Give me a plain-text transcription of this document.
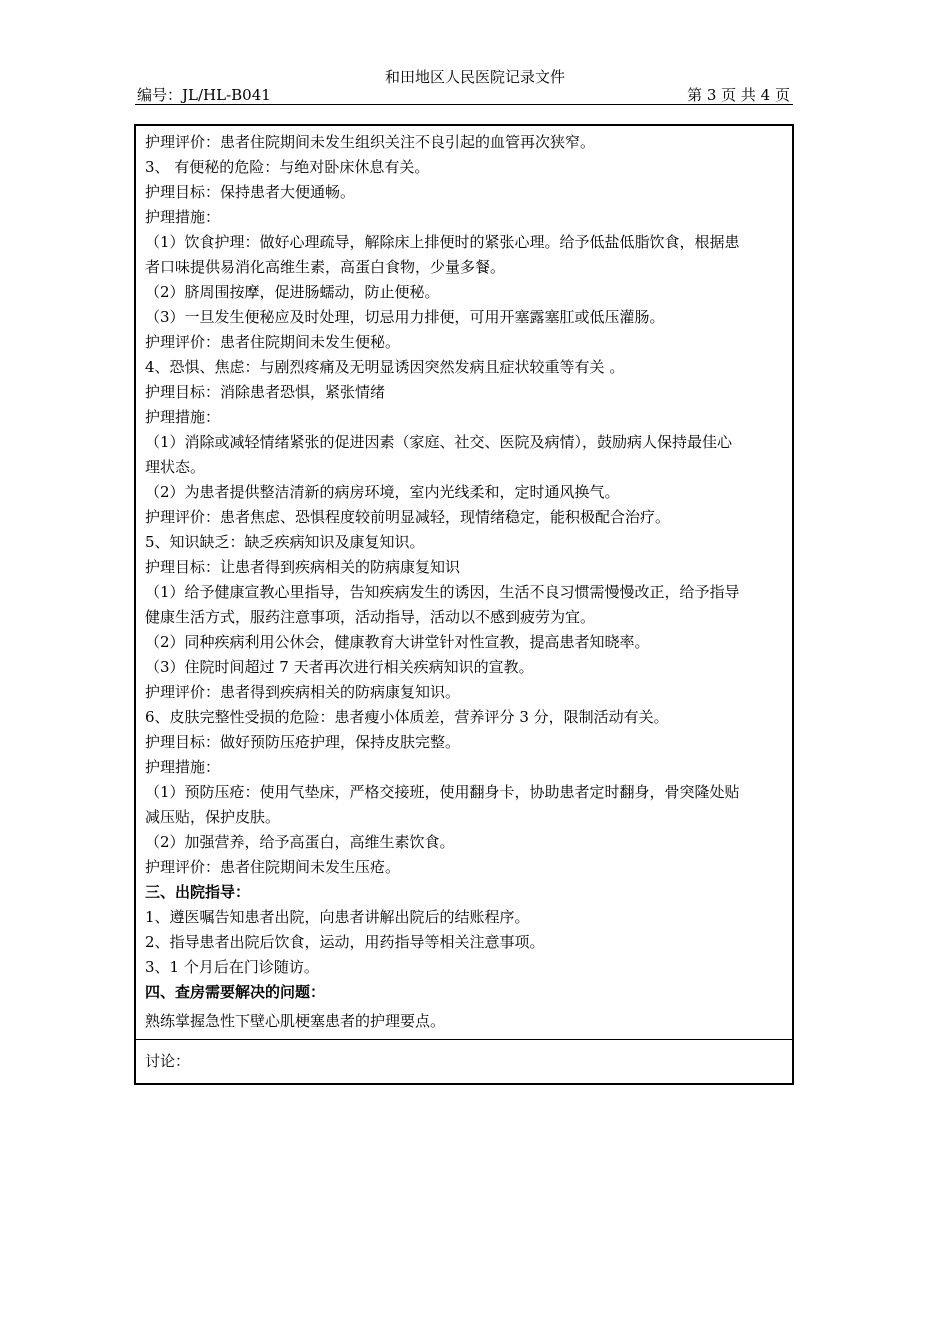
和田地区人民医院记录文件
编号：JL/HL-B041	第 3 页 共 4 页
护理评价：患者住院期间未发生组织关注不良引起的血管再次狭窄。
3、 有便秘的危险：与绝对卧床休息有关。
护理目标：保持患者大便通畅。
护理措施：
（1）饮食护理：做好心理疏导，解除床上排便时的紧张心理。给予低盐低脂饮食，根据患
者口味提供易消化高维生素，高蛋白食物，少量多餐。
（2）脐周围按摩，促进肠蠕动，防止便秘。
（3）一旦发生便秘应及时处理，切忌用力排便，可用开塞露塞肛或低压灌肠。
护理评价：患者住院期间未发生便秘。
4、恐惧、焦虑：与剧烈疼痛及无明显诱因突然发病且症状较重等有关 。
护理目标：消除患者恐惧，紧张情绪
护理措施：
（1）消除或减轻情绪紧张的促进因素（家庭、社交、医院及病情），鼓励病人保持最佳心
理状态。
（2）为患者提供整洁清新的病房环境，室内光线柔和，定时通风换气。
护理评价：患者焦虑、恐惧程度较前明显减轻，现情绪稳定，能积极配合治疗。
5、知识缺乏：缺乏疾病知识及康复知识。
护理目标：让患者得到疾病相关的防病康复知识
（1）给予健康宣教心里指导，告知疾病发生的诱因，生活不良习惯需慢慢改正，给予指导
健康生活方式，服药注意事项，活动指导，活动以不感到疲劳为宜。
（2）同种疾病利用公休会，健康教育大讲堂针对性宣教，提高患者知晓率。
（3）住院时间超过 7 天者再次进行相关疾病知识的宣教。
护理评价：患者得到疾病相关的防病康复知识。
6、皮肤完整性受损的危险：患者瘦小体质差，营养评分 3 分，限制活动有关。
护理目标：做好预防压疮护理，保持皮肤完整。
护理措施：
（1）预防压疮：使用气垫床，严格交接班，使用翻身卡，协助患者定时翻身，骨突隆处贴
减压贴，保护皮肤。
（2）加强营养，给予高蛋白，高维生素饮食。
护理评价：患者住院期间未发生压疮。
三、出院指导：
1、遵医嘱告知患者出院，向患者讲解出院后的结账程序。
2、指导患者出院后饮食，运动，用药指导等相关注意事项。
3、1 个月后在门诊随访。
四、查房需要解决的问题：
熟练掌握急性下壁心肌梗塞患者的护理要点。
讨论：
